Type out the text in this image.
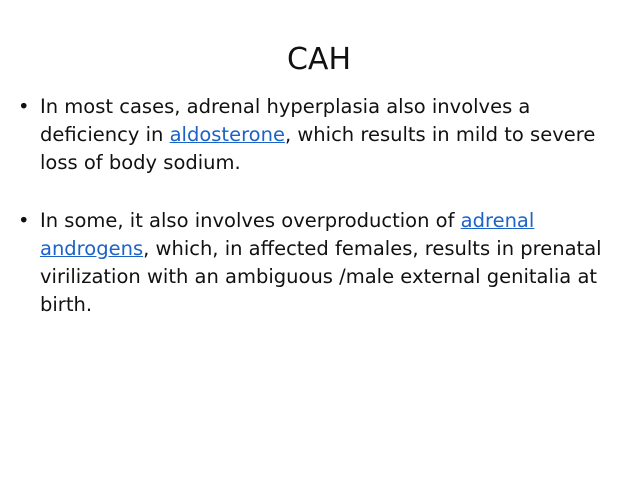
CAH
• In most cases, adrenal hyperplasia also involves a deficiency in aldosterone, which results in mild to severe loss of body sodium.
• In some, it also involves overproduction of adrenal androgens, which, in affected females, results in prenatal virilization with an ambiguous /male external genitalia at birth.
